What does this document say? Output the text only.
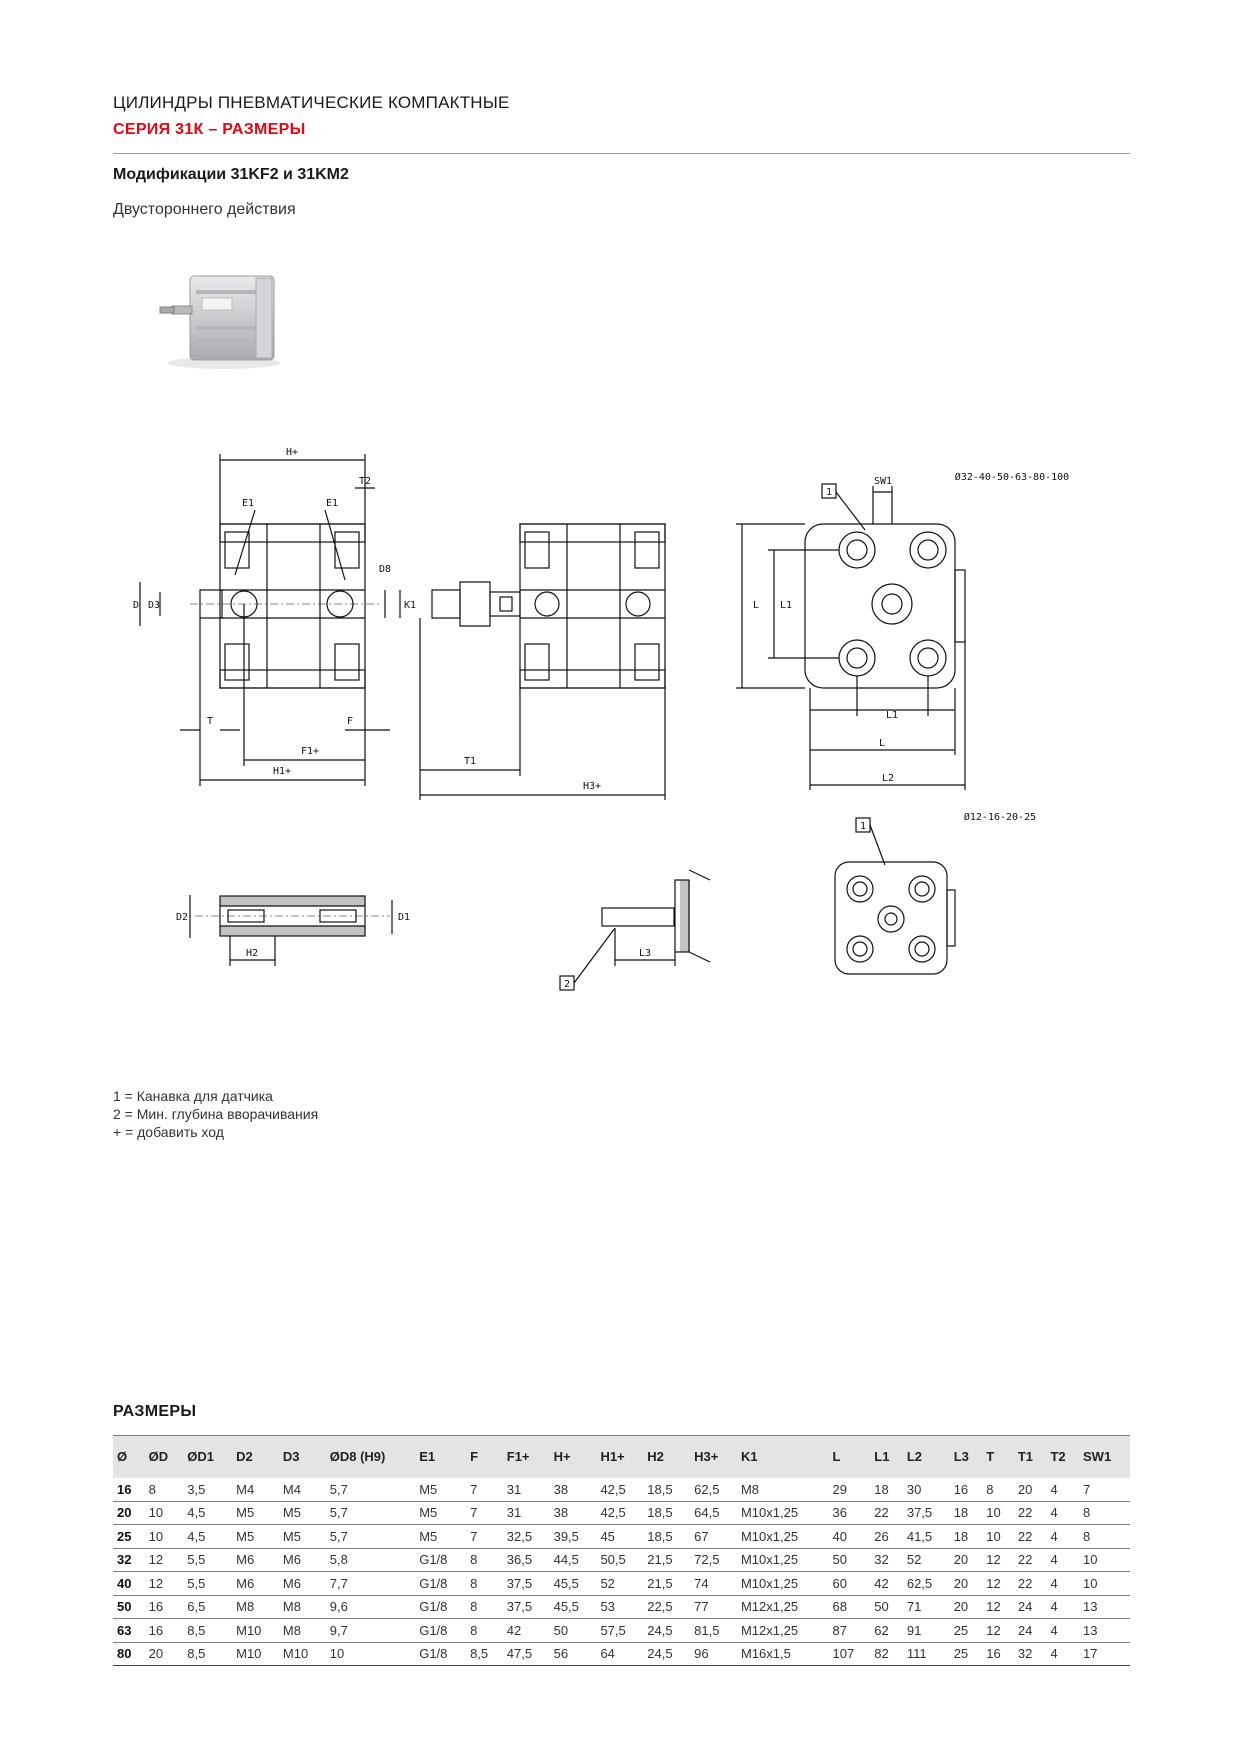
ЦИЛИНДРЫ ПНЕВМАТИЧЕСКИЕ КОМПАКТНЫЕ
СЕРИЯ 31К – РАЗМЕРЫ
Модификации 31KF2 и 31KM2
Двустороннего действия
H+
T2
E1	E1
D D3
D8
T	F
F1+
H1+
K1
T1
H3+
1
SW1	Ø32-40-50-63-80-100
L L1
L1
L
L2
1
Ø12-16-20-25
D2	D1
H2
2
L3
1 = Канавка для датчика
2 = Мин. глубина вворачивания
+ = добавить ход
РАЗМЕРЫ
Ø	ØD	ØD1	D2	D3	ØD8 (H9)	E1	F	F1+	H+	H1+	H2	H3+	K1	L	L1	L2	L3	T	T1	T2	SW1
16	8	3,5	M4	M4	5,7	M5	7	31	38	42,5	18,5	62,5	M8	29	18	30	16	8	20	4	7
20	10	4,5	M5	M5	5,7	M5	7	31	38	42,5	18,5	64,5	M10x1,25	36	22	37,5	18	10	22	4	8
25	10	4,5	M5	M5	5,7	M5	7	32,5	39,5	45	18,5	67	M10x1,25	40	26	41,5	18	10	22	4	8
32	12	5,5	M6	M6	5,8	G1/8	8	36,5	44,5	50,5	21,5	72,5	M10x1,25	50	32	52	20	12	22	4	10
40	12	5,5	M6	M6	7,7	G1/8	8	37,5	45,5	52	21,5	74	M10x1,25	60	42	62,5	20	12	22	4	10
50	16	6,5	M8	M8	9,6	G1/8	8	37,5	45,5	53	22,5	77	M12x1,25	68	50	71	20	12	24	4	13
63	16	8,5	M10	M8	9,7	G1/8	8	42	50	57,5	24,5	81,5	M12x1,25	87	62	91	25	12	24	4	13
80	20	8,5	M10	M10	10	G1/8	8,5	47,5	56	64	24,5	96	M16x1,5	107	82	111	25	16	32	4	17
